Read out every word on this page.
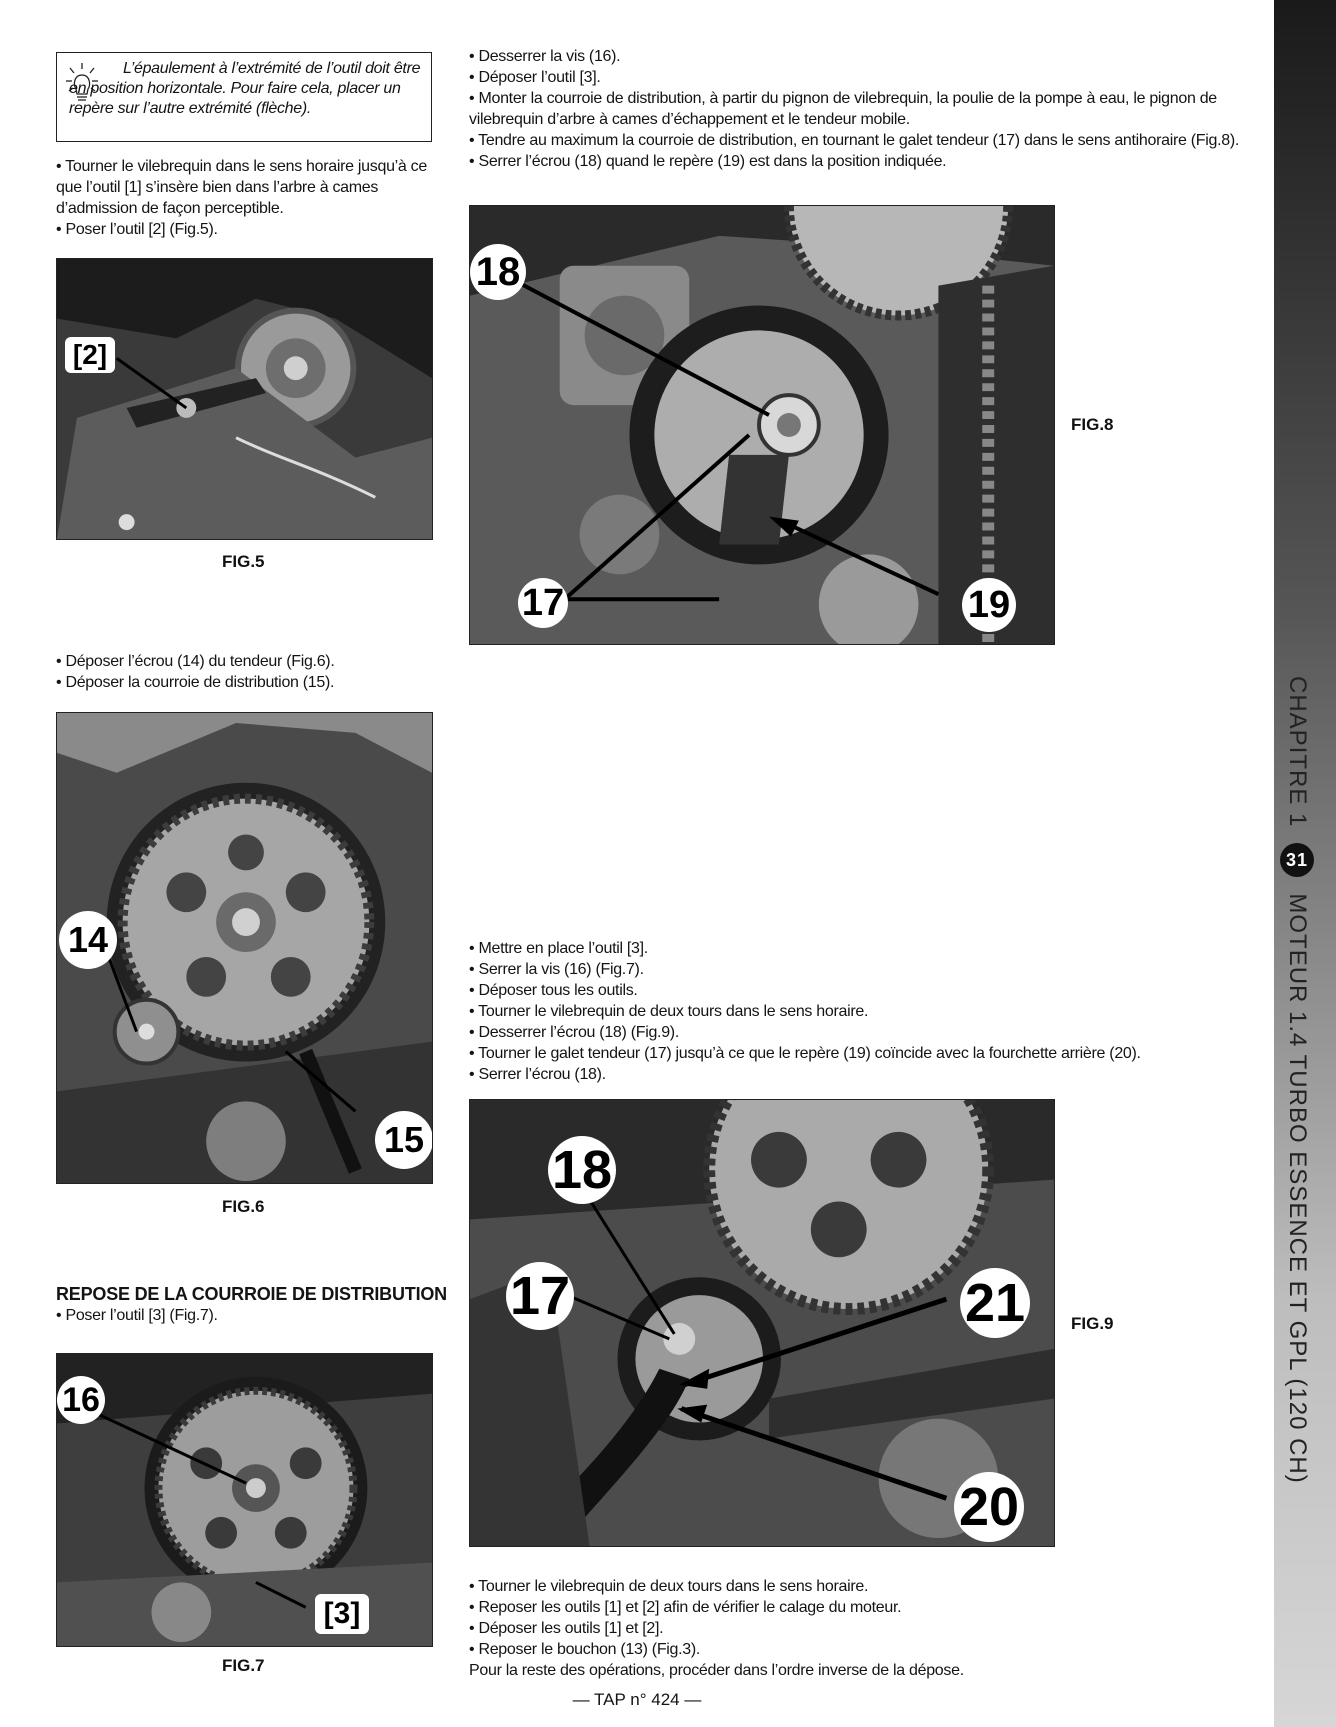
L’épaulement à l’extrémité de l’outil doit être en position horizontale. Pour faire cela, placer un repère sur l’autre extrémité (flèche).

• Tourner le vilebrequin dans le sens horaire jusqu’à ce que l’outil [1] s’insère bien dans l’arbre à cames d’admission de façon perceptible.

• Poser l’outil [2] (Fig.5).

[2]
FIG.5

• Déposer l’écrou (14) du tendeur (Fig.6).

• Déposer la courroie de distribution (15).

14
15
FIG.6

REPOSE DE LA COURROIE DE DISTRIBUTION

• Poser l’outil [3] (Fig.7).

16
[3]
FIG.7

• Desserrer la vis (16).

• Déposer l’outil [3].

• Monter la courroie de distribution, à partir du pignon de vilebrequin, la poulie de la pompe à eau, le pignon de vilebrequin d’arbre à cames d’échappement et le tendeur mobile.

• Tendre au maximum la courroie de distribution, en tournant le galet tendeur (17) dans le sens antihoraire (Fig.8).

• Serrer l’écrou (18) quand le repère (19) est dans la position indiquée.

18
17	19
FIG.8

• Mettre en place l’outil [3].

• Serrer la vis (16) (Fig.7).

• Déposer tous les outils.

• Tourner le vilebrequin de deux tours dans le sens horaire.

• Desserrer l’écrou (18) (Fig.9).

• Tourner le galet tendeur (17) jusqu’à ce que le repère (19) coïncide avec la fourchette arrière (20).

• Serrer l’écrou (18).

18
17	21
20
FIG.9

• Tourner le vilebrequin de deux tours dans le sens horaire.

• Reposer les outils [1] et [2] afin de vérifier le calage du moteur.

• Déposer les outils [1] et [2].

• Reposer le bouchon (13) (Fig.3).

Pour la reste des opérations, procéder dans l’ordre inverse de la dépose.

— TAP n° 424 —
CHAPITRE 1
31
MOTEUR 1.4 TURBO ESSENCE ET GPL (120 CH)
